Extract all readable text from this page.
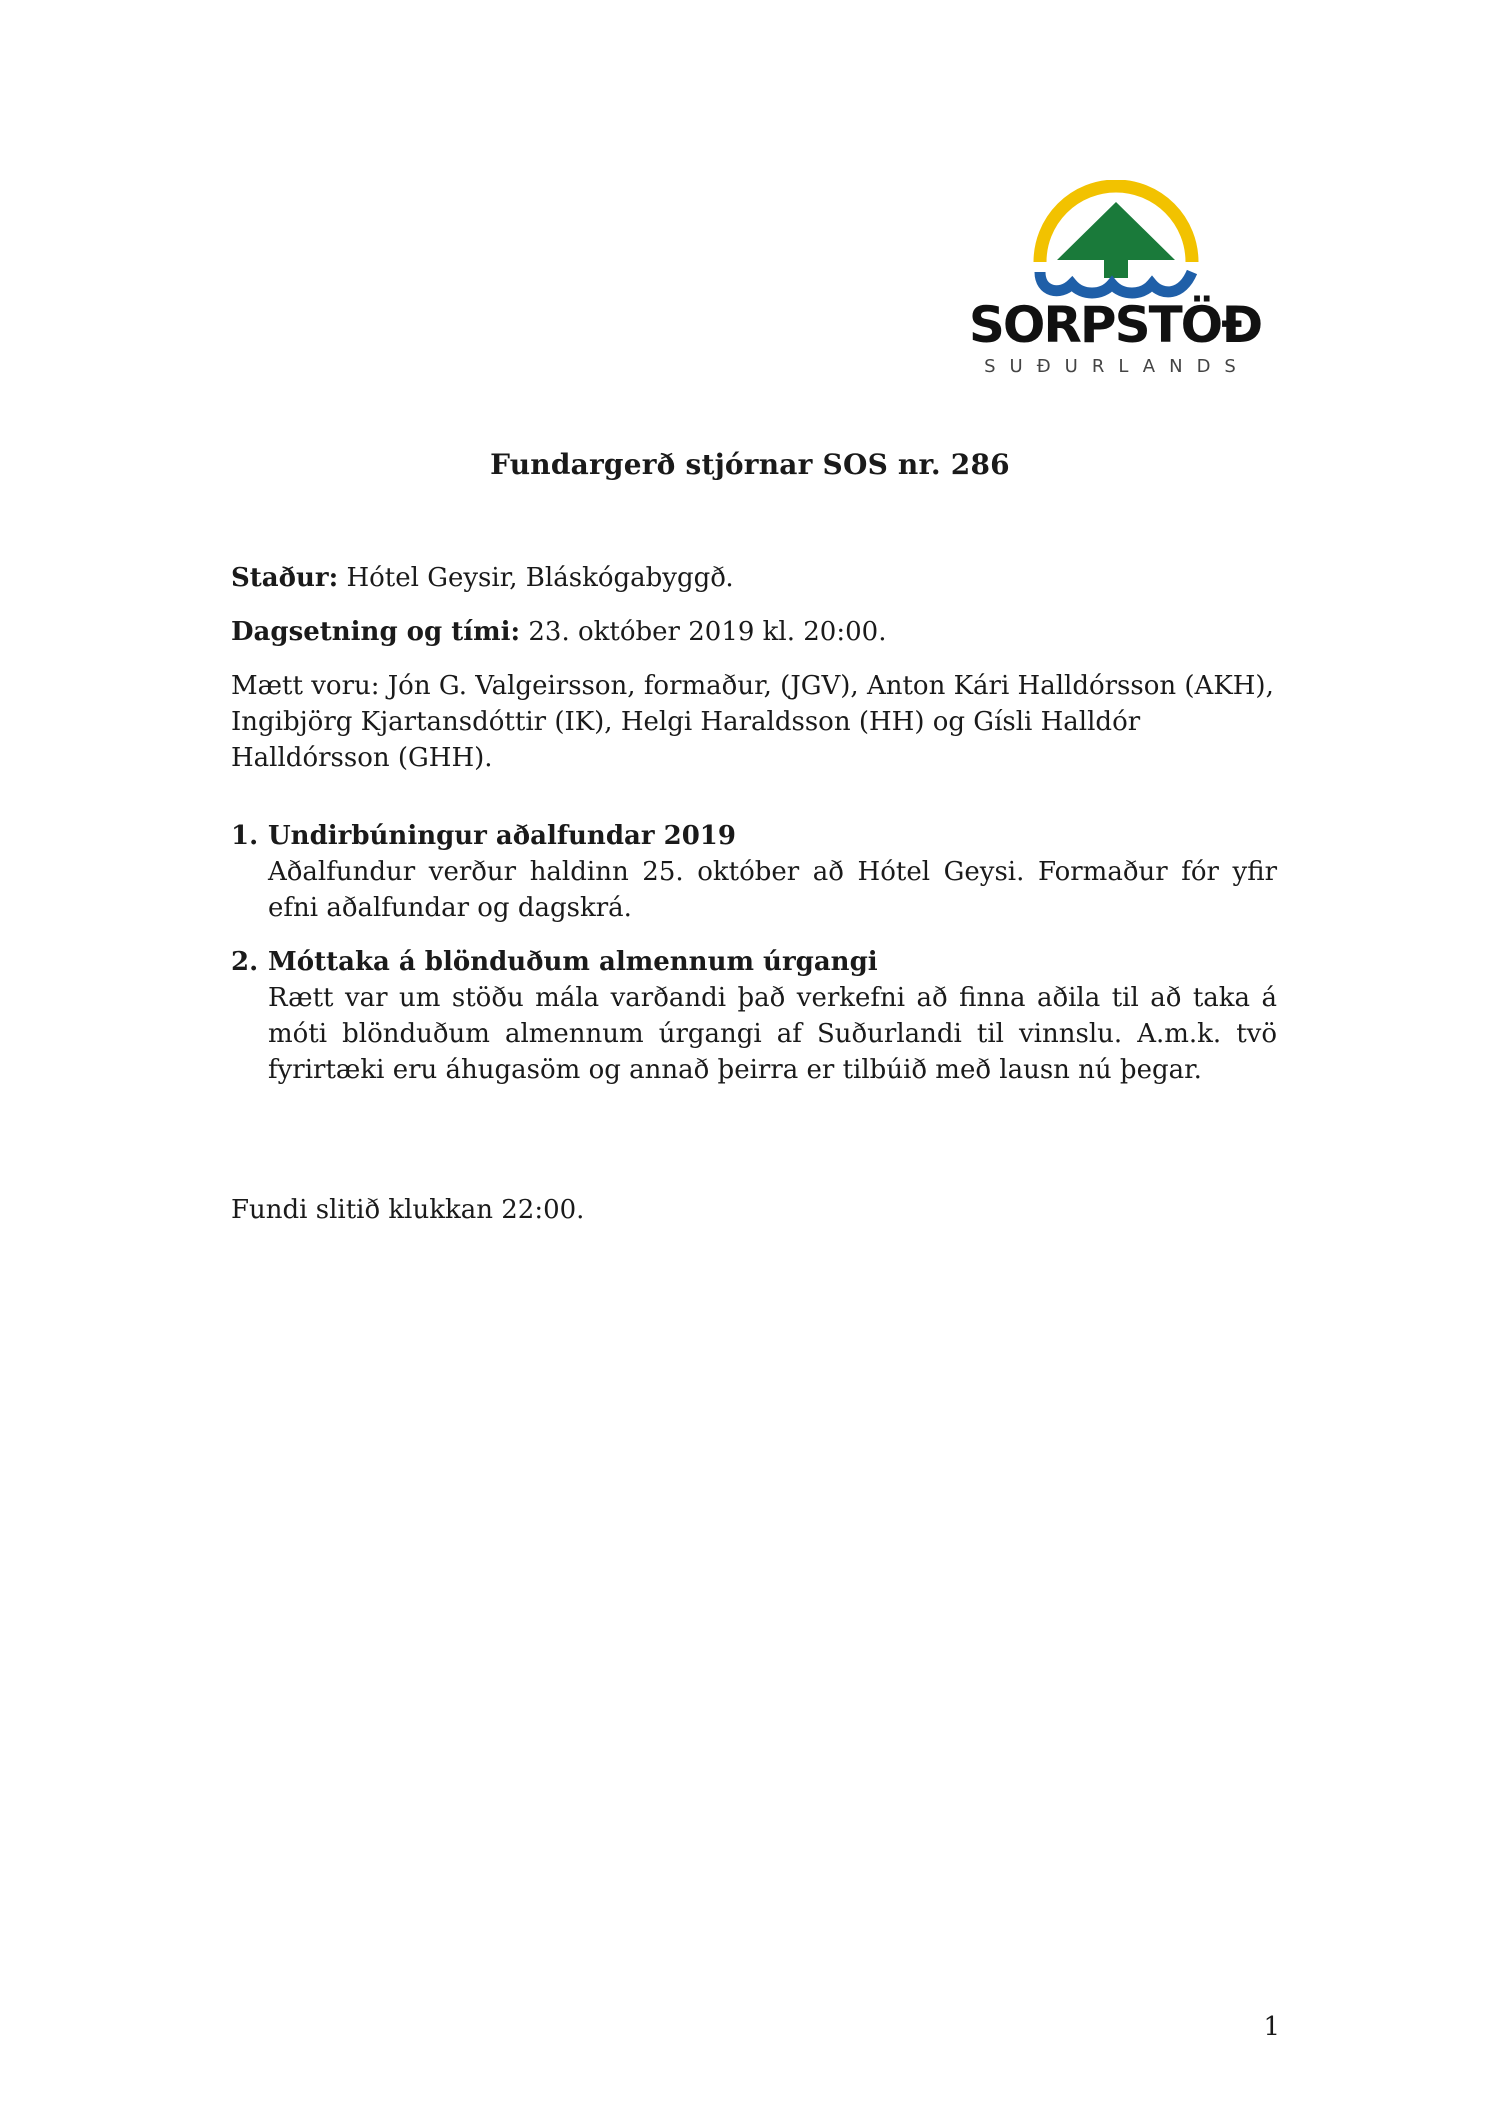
SORPSTÖÐ
SUÐURLANDS
Fundargerð stjórnar SOS nr. 286
Staður: Hótel Geysir, Bláskógabyggð.
Dagsetning og tími: 23. október 2019 kl. 20:00.
Mætt voru: Jón G. Valgeirsson, formaður, (JGV), Anton Kári Halldórsson (AKH), Ingibjörg Kjartansdóttir (IK), Helgi Haraldsson (HH) og Gísli Halldór Halldórsson (GHH).
1. Undirbúningur aðalfundar 2019
Aðalfundur verður haldinn 25. október að Hótel Geysi. Formaður fór yfir efni aðalfundar og dagskrá.
2. Móttaka á blönduðum almennum úrgangi
Rætt var um stöðu mála varðandi það verkefni að finna aðila til að taka á móti blönduðum almennum úrgangi af Suðurlandi til vinnslu. A.m.k. tvö fyrirtæki eru áhugasöm og annað þeirra er tilbúið með lausn nú þegar.
Fundi slitið klukkan 22:00.
1
